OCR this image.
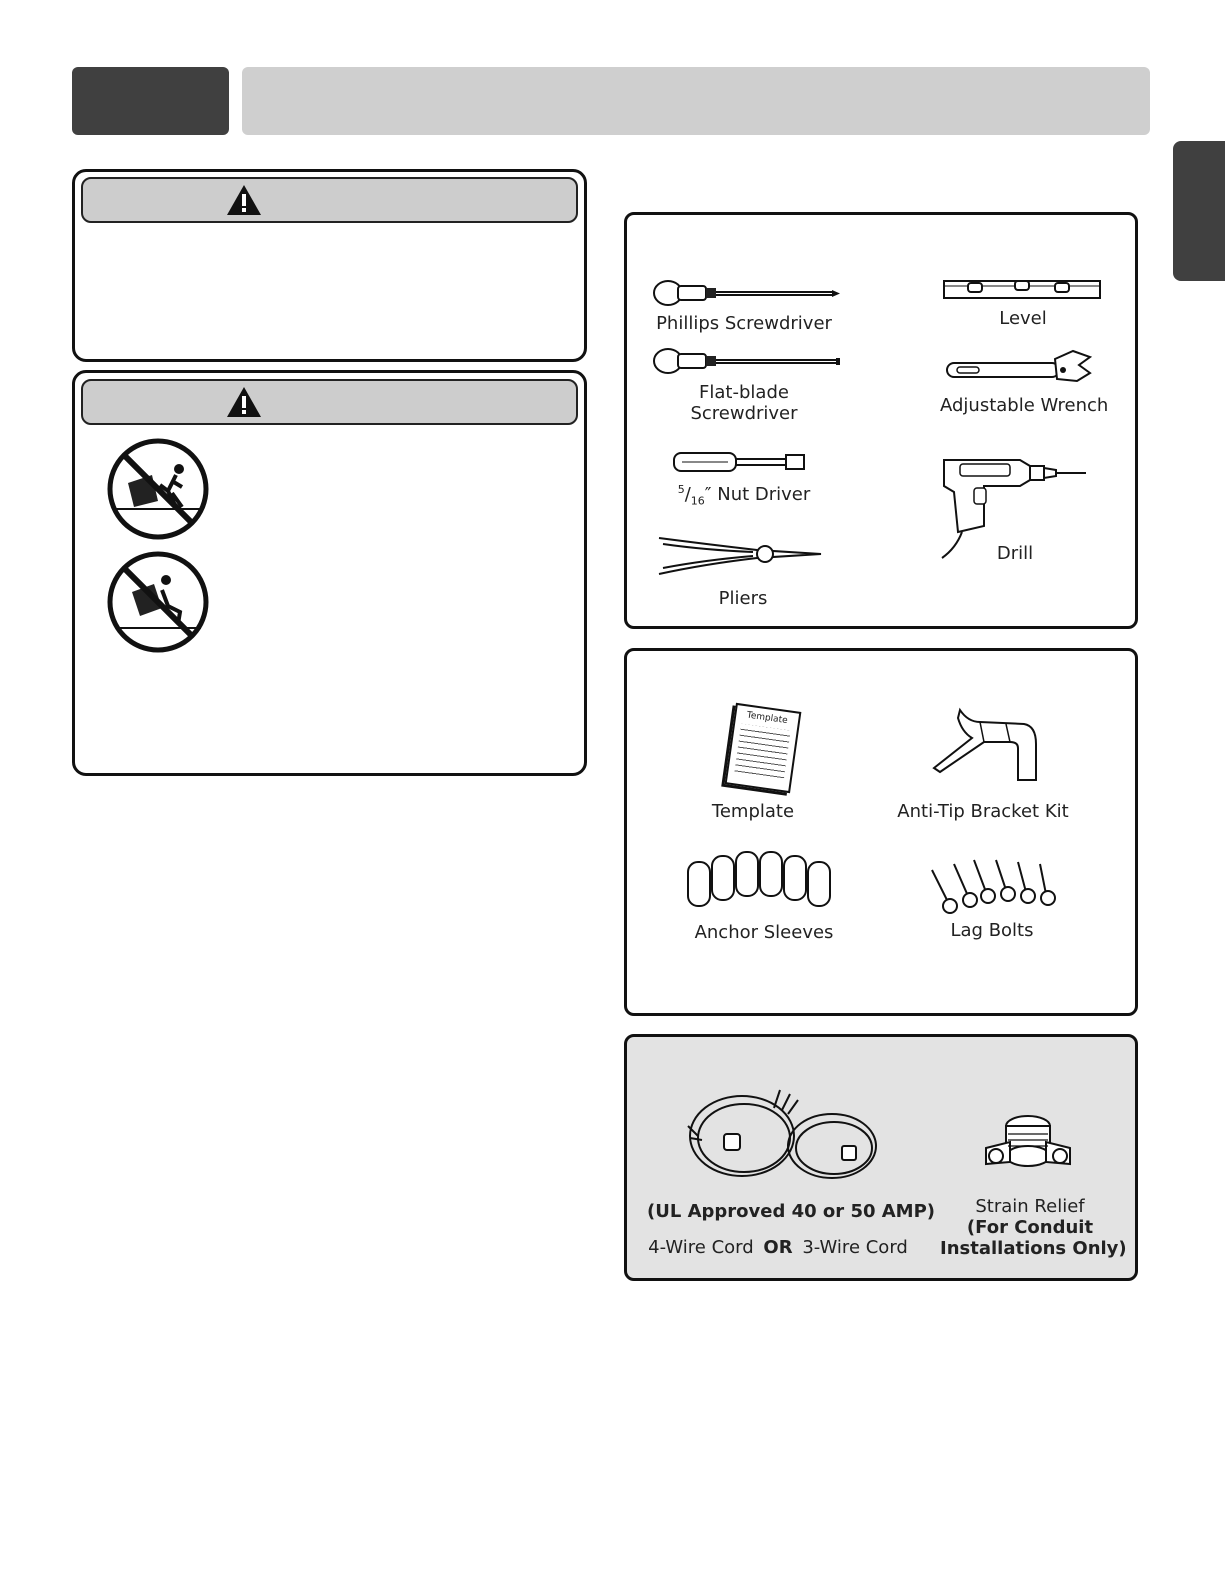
Phillips Screwdriver	Level
Flat-blade
Screwdriver	Adjustable Wrench
$^5/_{16}''$ Nut Driver
Drill
Pliers
Template
Template	Anti-Tip Bracket Kit
Anchor Sleeves	Lag Bolts
(UL Approved 40 or 50 AMP)
4-Wire Cord OR 3-Wire Cord
Strain Relief
(For Conduit
Installations Only)
